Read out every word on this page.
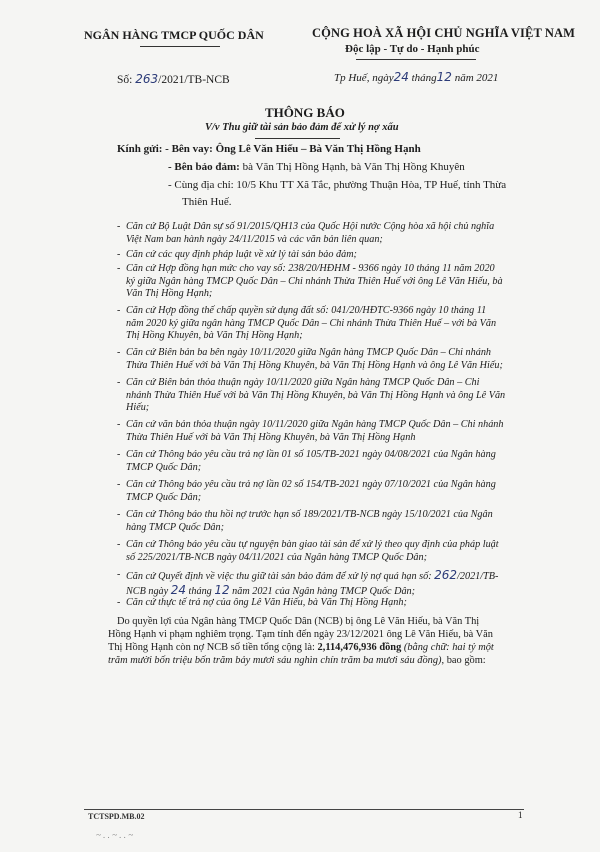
NGÂN HÀNG TMCP QUỐC DÂN	CỘNG HOÀ XÃ HỘI CHỦ NGHĨA VIỆT NAM
Độc lập - Tự do - Hạnh phúc
Số: 263/2021/TB-NCB	Tp Huế, ngày24 tháng12 năm 2021
THÔNG BÁO
V/v Thu giữ tài sản bảo đảm để xử lý nợ xấu
Kính gửi: - Bên vay: Ông Lê Văn Hiếu – Bà Văn Thị Hồng Hạnh
- Bên bảo đảm: bà Văn Thị Hồng Hạnh, bà Văn Thị Hồng Khuyên
- Cùng địa chỉ: 10/5 Khu TT Xã Tắc, phường Thuận Hòa, TP Huế, tỉnh Thừa
Thiên Huế.
- Căn cứ Bộ Luật Dân sự số 91/2015/QH13 của Quốc Hội nước Cộng hòa xã hội chủ nghĩa
Việt Nam ban hành ngày 24/11/2015 và các văn bản liên quan;
- Căn cứ các quy định pháp luật về xử lý tài sản bảo đảm;
- Căn cứ Hợp đồng hạn mức cho vay số: 238/20/HĐHM - 9366 ngày 10 tháng 11 năm 2020
ký giữa Ngân hàng TMCP Quốc Dân – Chi nhánh Thừa Thiên Huế với ông Lê Văn Hiếu, bà
Văn Thị Hồng Hạnh;
- Căn cứ Hợp đồng thế chấp quyền sử dụng đất số: 041/20/HĐTC-9366 ngày 10 tháng 11
năm 2020 ký giữa ngân hàng TMCP Quốc Dân – Chi nhánh Thừa Thiên Huế – với bà Văn
Thị Hồng Khuyên, bà Văn Thị Hồng Hạnh;
- Căn cứ Biên bản ba bên ngày 10/11/2020 giữa Ngân hàng TMCP Quốc Dân – Chi nhánh
Thừa Thiên Huế với bà Văn Thị Hồng Khuyên, bà Văn Thị Hồng Hạnh và ông Lê Văn Hiếu;
- Căn cứ Biên bản thỏa thuận ngày 10/11/2020 giữa Ngân hàng TMCP Quốc Dân – Chi
nhánh Thừa Thiên Huế với bà Văn Thị Hồng Khuyên, bà Văn Thị Hồng Hạnh và ông Lê Văn
Hiếu;
- Căn cứ văn bản thỏa thuận ngày 10/11/2020 giữa Ngân hàng TMCP Quốc Dân – Chi nhánh
Thừa Thiên Huế với bà Văn Thị Hồng Khuyên, bà Văn Thị Hồng Hạnh
- Căn cứ Thông báo yêu cầu trả nợ lần 01 số 105/TB-2021 ngày 04/08/2021 của Ngân hàng
TMCP Quốc Dân;
- Căn cứ Thông báo yêu cầu trả nợ lần 02 số 154/TB-2021 ngày 07/10/2021 của Ngân hàng
TMCP Quốc Dân;
- Căn cứ Thông báo thu hồi nợ trước hạn số 189/2021/TB-NCB ngày 15/10/2021 của Ngân
hàng TMCP Quốc Dân;
- Căn cứ Thông báo yêu cầu tự nguyện bàn giao tài sản để xử lý theo quy định của pháp luật
số 225/2021/TB-NCB ngày 04/11/2021 của Ngân hàng TMCP Quốc Dân;
- Căn cứ Quyết định về việc thu giữ tài sản bảo đảm để xử lý nợ quá hạn số: 262/2021/TB-
NCB ngày 24 tháng 12 năm 2021 của Ngân hàng TMCP Quốc Dân;
- Căn cứ thực tế trả nợ của ông Lê Văn Hiếu, bà Văn Thị Hồng Hạnh;
Do quyền lợi của Ngân hàng TMCP Quốc Dân (NCB) bị ông Lê Văn Hiếu, bà Văn Thị
Hồng Hạnh vi phạm nghiêm trọng. Tạm tính đến ngày 23/12/2021 ông Lê Văn Hiếu, bà Văn
Thị Hồng Hạnh còn nợ NCB số tiền tổng cộng là: 2,114,476,936 đồng (bằng chữ: hai tỷ một
trăm mười bốn triệu bốn trăm bảy mươi sáu nghìn chín trăm ba mươi sáu đồng), bao gồm:
TCTSPD.MB.02	1
~ . . ~ . . ~
